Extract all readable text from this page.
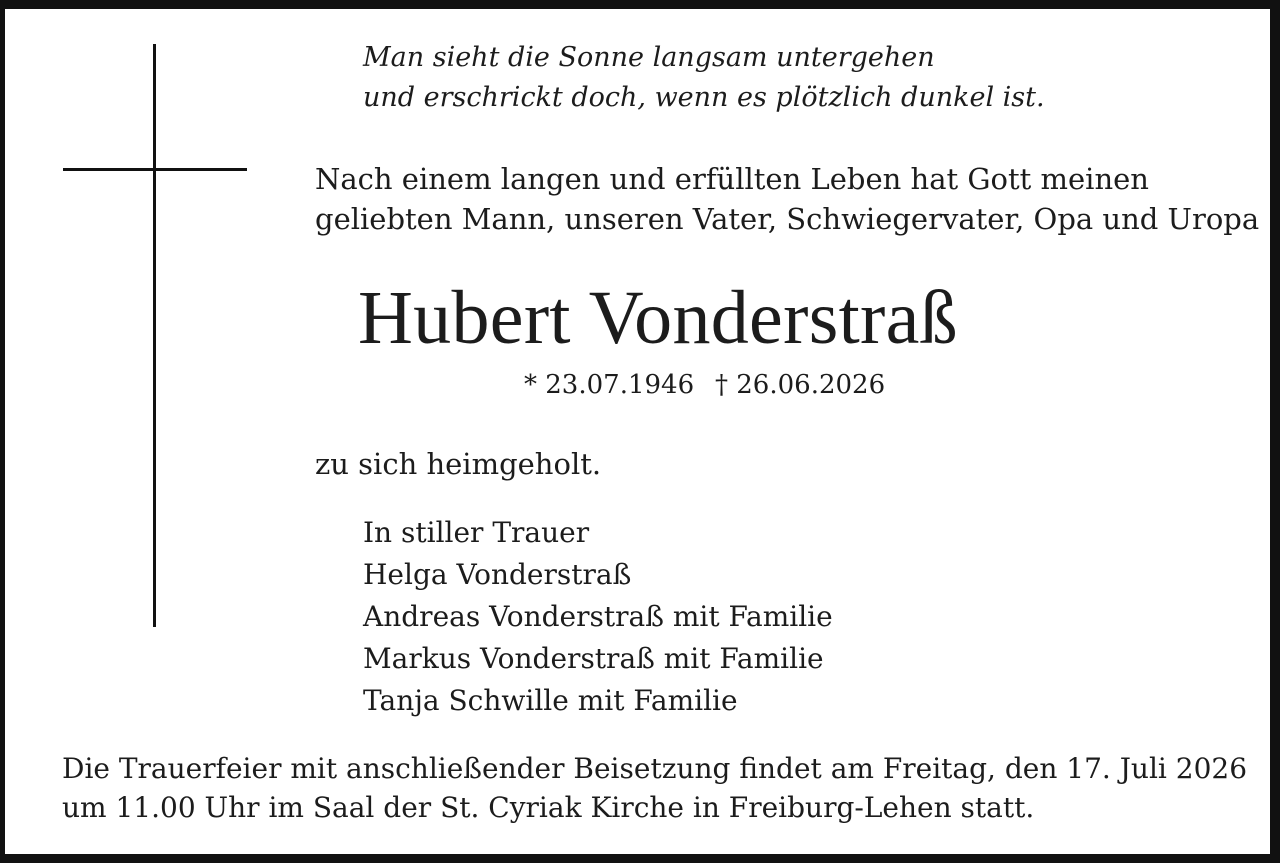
Man sieht die Sonne langsam untergehen
und erschrickt doch, wenn es plötzlich dunkel ist.
Nach einem langen und erfüllten Leben hat Gott meinen
geliebten Mann, unseren Vater, Schwiegervater, Opa und Uropa
Hubert Vonderstraß
* 23.07.1946 † 26.06.2026
zu sich heimgeholt.
In stiller Trauer
Helga Vonderstraß
Andreas Vonderstraß mit Familie
Markus Vonderstraß mit Familie
Tanja Schwille mit Familie
Die Trauerfeier mit anschließender Beisetzung findet am Freitag, den 17. Juli 2026
um 11.00 Uhr im Saal der St. Cyriak Kirche in Freiburg-Lehen statt.
